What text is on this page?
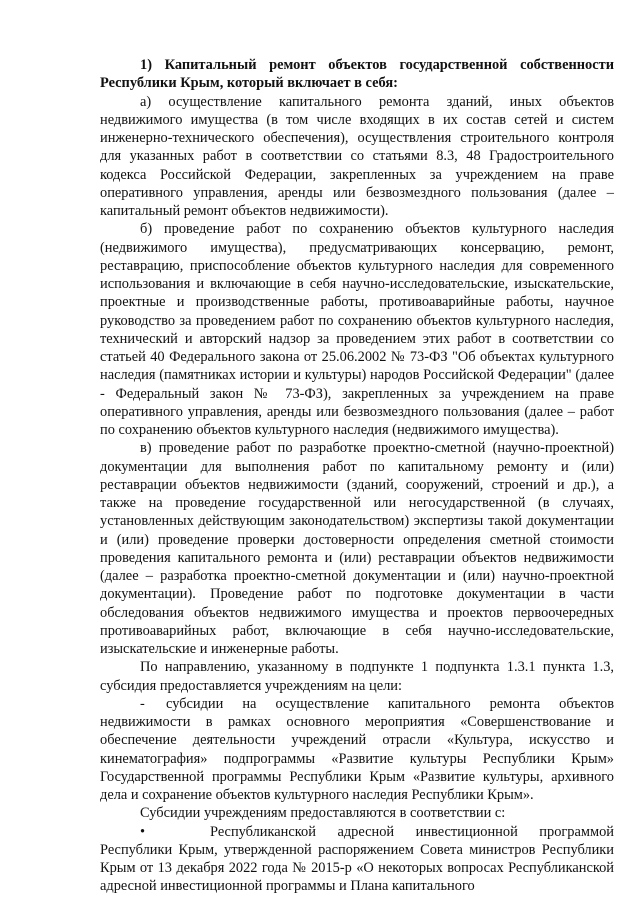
1) Капитальный ремонт объектов государственной собственности Республики Крым, который включает в себя:

а) осуществление капитального ремонта зданий, иных объектов недвижимого имущества (в том числе входящих в их состав сетей и систем инженерно-технического обеспечения), осуществления строительного контроля для указанных работ в соответствии со статьями 8.3, 48 Градостроительного кодекса Российской Федерации, закрепленных за учреждением на праве оперативного управления, аренды или безвозмездного пользования (далее – капитальный ремонт объектов недвижимости).

б) проведение работ по сохранению объектов культурного наследия (недвижимого имущества), предусматривающих консервацию, ремонт, реставрацию, приспособление объектов культурного наследия для современного использования и включающие в себя научно-исследовательские, изыскательские, проектные и производственные работы, противоаварийные работы, научное руководство за проведением работ по сохранению объектов культурного наследия, технический и авторский надзор за проведением этих работ в соответствии со статьей 40 Федерального закона от 25.06.2002 № 73-ФЗ "Об объектах культурного наследия (памятниках истории и культуры) народов Российской Федерации" (далее - Федеральный закон № 73-ФЗ), закрепленных за учреждением на праве оперативного управления, аренды или безвозмездного пользования (далее – работ по сохранению объектов культурного наследия (недвижимого имущества).

в) проведение работ по разработке проектно-сметной (научно-проектной) документации для выполнения работ по капитальному ремонту и (или) реставрации объектов недвижимости (зданий, сооружений, строений и др.), а также на проведение государственной или негосударственной (в случаях, установленных действующим законодательством) экспертизы такой документации и (или) проведение проверки достоверности определения сметной стоимости проведения капитального ремонта и (или) реставрации объектов недвижимости (далее – разработка проектно-сметной документации и (или) научно-проектной документации). Проведение работ по подготовке документации в части обследования объектов недвижимого имущества и проектов первоочередных противоаварийных работ, включающие в себя научно-исследовательские, изыскательские и инженерные работы.

По направлению, указанному в подпункте 1 подпункта 1.3.1 пункта 1.3, субсидия предоставляется учреждениям на цели:

- субсидии на осуществление капитального ремонта объектов недвижимости в рамках основного мероприятия «Совершенствование и обеспечение деятельности учреждений отрасли «Культура, искусство и кинематография» подпрограммы «Развитие культуры Республики Крым» Государственной программы Республики Крым «Развитие культуры, архивного дела и сохранение объектов культурного наследия Республики Крым».

Субсидии учреждениям предоставляются в соответствии с:

•	Республиканской адресной инвестиционной программой Республики Крым, утвержденной распоряжением Совета министров Республики Крым от 13 декабря 2022 года № 2015-р «О некоторых вопросах Республиканской адресной инвестиционной программы и Плана капитального
